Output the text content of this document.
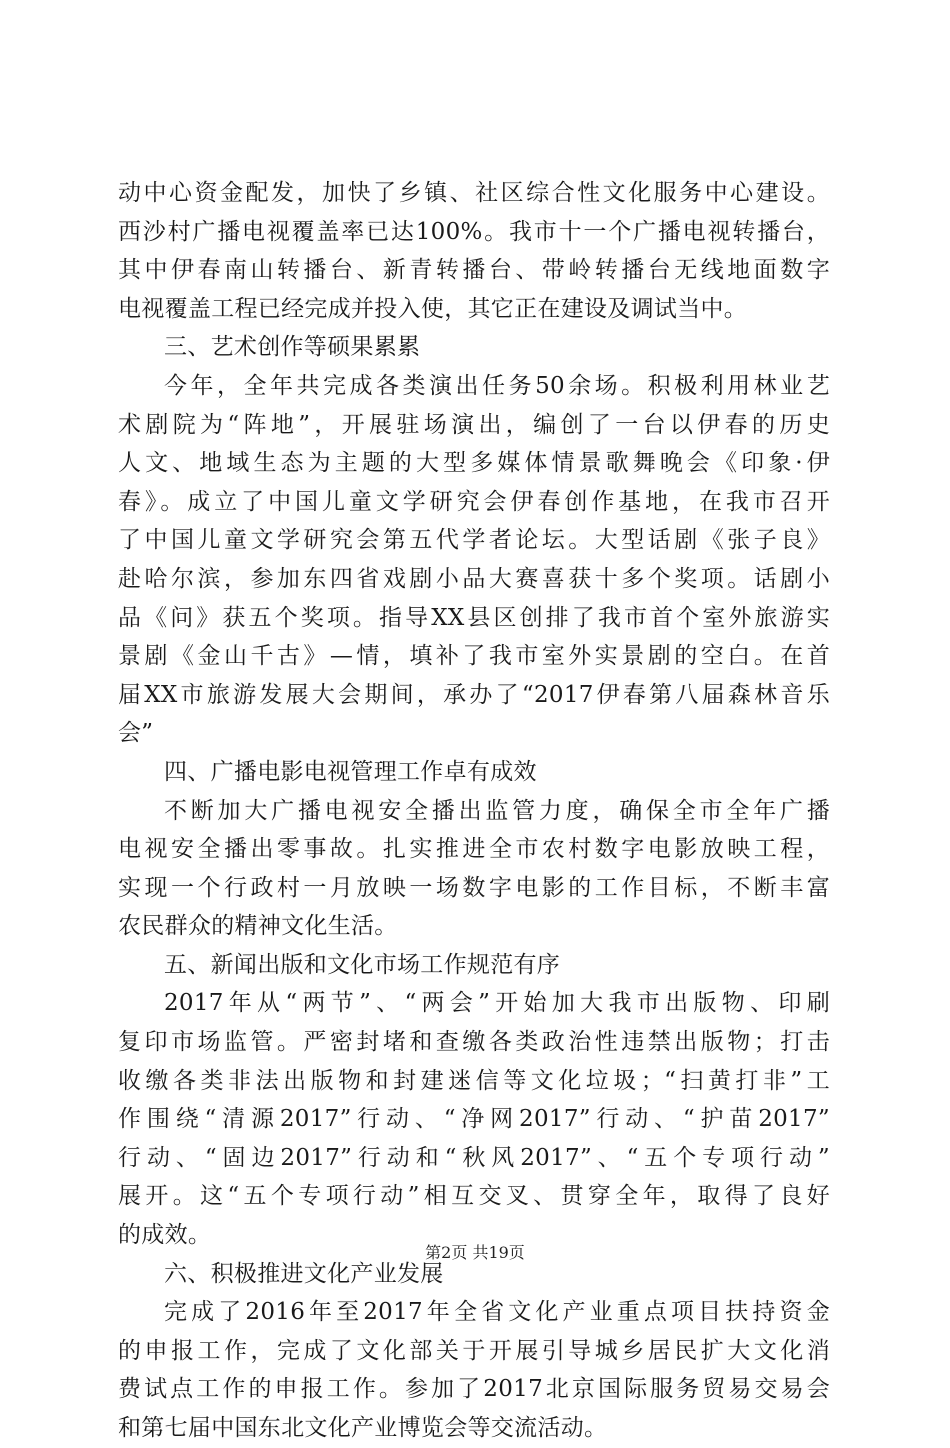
动中心资金配发，加快了乡镇、社区综合性文化服务中心建设。
西沙村广播电视覆盖率已达100%。我市十一个广播电视转播台，
其中伊春南山转播台、新青转播台、带岭转播台无线地面数字
电视覆盖工程已经完成并投入使，其它正在建设及调试当中。
三、艺术创作等硕果累累
今年，全年共完成各类演出任务50余场。积极利用林业艺
术剧院为“阵地”，开展驻场演出，编创了一台以伊春的历史
人文、地域生态为主题的大型多媒体情景歌舞晚会《印象·伊
春》。成立了中国儿童文学研究会伊春创作基地，在我市召开
了中国儿童文学研究会第五代学者论坛。大型话剧《张子良》
赴哈尔滨，参加东四省戏剧小品大赛喜获十多个奖项。话剧小
品《问》获五个奖项。指导XX县区创排了我市首个室外旅游实
景剧《金山千古》—情，填补了我市室外实景剧的空白。在首
届XX市旅游发展大会期间，承办了“2017伊春第八届森林音乐
会”
四、广播电影电视管理工作卓有成效
不断加大广播电视安全播出监管力度，确保全市全年广播
电视安全播出零事故。扎实推进全市农村数字电影放映工程，
实现一个行政村一月放映一场数字电影的工作目标，不断丰富
农民群众的精神文化生活。
五、新闻出版和文化市场工作规范有序
2017年从“两节”、“两会”开始加大我市出版物、印刷
复印市场监管。严密封堵和查缴各类政治性违禁出版物；打击
收缴各类非法出版物和封建迷信等文化垃圾；“扫黄打非”工
作围绕“清源2017”行动、“净网2017”行动、“护苗2017”
行动、“固边2017”行动和“秋风2017”、“五个专项行动”
展开。这“五个专项行动”相互交叉、贯穿全年，取得了良好
的成效。
六、积极推进文化产业发展
完成了2016年至2017年全省文化产业重点项目扶持资金
的申报工作，完成了文化部关于开展引导城乡居民扩大文化消
费试点工作的申报工作。参加了2017北京国际服务贸易交易会
和第七届中国东北文化产业博览会等交流活动。
第2页 共19页
